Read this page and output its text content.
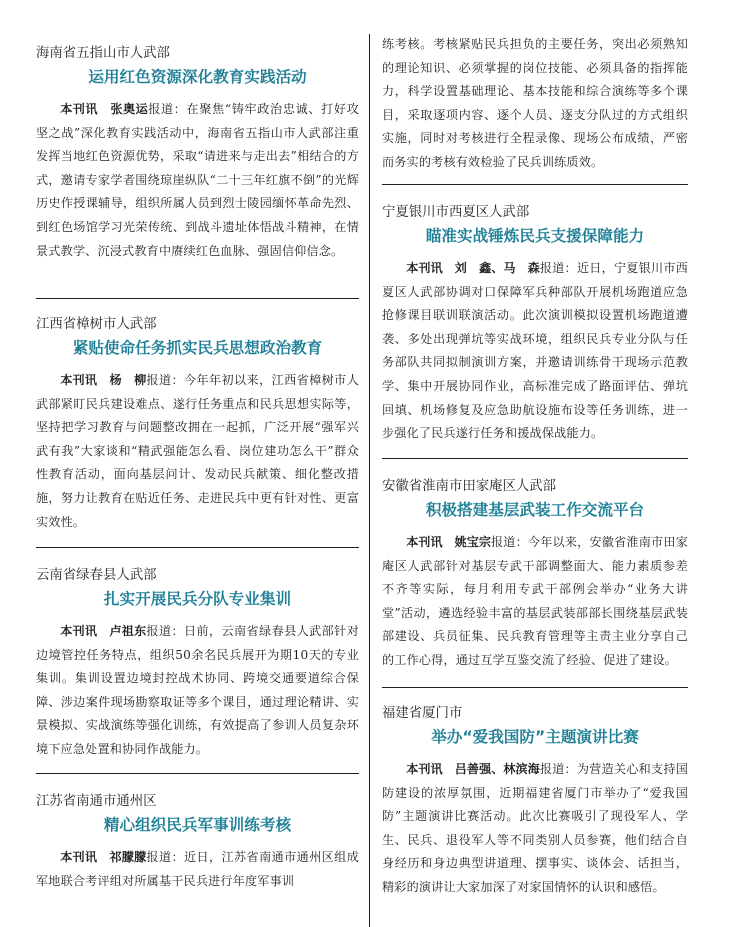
海南省五指山市人武部

运用红色资源深化教育实践活动

本刊讯　张奥运报道：在聚焦“铸牢政治忠诚、打好攻坚之战”深化教育实践活动中，海南省五指山市人武部注重发挥当地红色资源优势，采取“请进来与走出去”相结合的方式，邀请专家学者围绕琼崖纵队“二十三年红旗不倒”的光辉历史作授课辅导，组织所属人员到烈士陵园缅怀革命先烈、到红色场馆学习光荣传统、到战斗遗址体悟战斗精神，在情景式教学、沉浸式教育中赓续红色血脉、强固信仰信念。

江西省樟树市人武部

紧贴使命任务抓实民兵思想政治教育

本刊讯　杨　柳报道：今年年初以来，江西省樟树市人武部紧盯民兵建设难点、遂行任务重点和民兵思想实际等，坚持把学习教育与问题整改拥在一起抓，广泛开展“强军兴武有我”大家谈和“精武强能怎么看、岗位建功怎么干”群众性教育活动，面向基层问计、发动民兵献策、细化整改措施，努力让教育在贴近任务、走进民兵中更有针对性、更富实效性。

云南省绿春县人武部

扎实开展民兵分队专业集训

本刊讯　卢祖东报道：日前，云南省绿春县人武部针对边境管控任务特点，组织50余名民兵展开为期10天的专业集训。集训设置边境封控战术协同、跨境交通要道综合保障、涉边案件现场勘察取证等多个课目，通过理论精讲、实景模拟、实战演练等强化训练，有效提高了参训人员复杂环境下应急处置和协同作战能力。

江苏省南通市通州区

精心组织民兵军事训练考核

本刊讯　祁朦朦报道：近日，江苏省南通市通州区组成军地联合考评组对所属基干民兵进行年度军事训

练考核。考核紧贴民兵担负的主要任务，突出必须熟知的理论知识、必须掌握的岗位技能、必须具备的指挥能力，科学设置基础理论、基本技能和综合演练等多个课目，采取逐项内容、逐个人员、逐支分队过的方式组织实施，同时对考核进行全程录像、现场公布成绩，严密而务实的考核有效检验了民兵训练质效。

宁夏银川市西夏区人武部

瞄准实战锤炼民兵支援保障能力

本刊讯　刘　鑫、马　森报道：近日，宁夏银川市西夏区人武部协调对口保障军兵种部队开展机场跑道应急抢修课目联训联演活动。此次演训模拟设置机场跑道遭袭、多处出现弹坑等实战环境，组织民兵专业分队与任务部队共同拟制演训方案，并邀请训练骨干现场示范教学、集中开展协同作业，高标准完成了路面评估、弹坑回填、机场修复及应急助航设施布设等任务训练，进一步强化了民兵遂行任务和援战保战能力。

安徽省淮南市田家庵区人武部

积极搭建基层武装工作交流平台

本刊讯　姚宝宗报道：今年以来，安徽省淮南市田家庵区人武部针对基层专武干部调整面大、能力素质参差不齐等实际，每月利用专武干部例会举办“业务大讲堂”活动，遴选经验丰富的基层武装部部长围绕基层武装部建设、兵员征集、民兵教育管理等主责主业分享自己的工作心得，通过互学互鉴交流了经验、促进了建设。

福建省厦门市

举办“爱我国防”主题演讲比赛

本刊讯　吕善强、林滨海报道：为营造关心和支持国防建设的浓厚氛围，近期福建省厦门市举办了“爱我国防”主题演讲比赛活动。此次比赛吸引了现役军人、学生、民兵、退役军人等不同类别人员参赛，他们结合自身经历和身边典型讲道理、摆事实、谈体会、话担当，精彩的演讲让大家加深了对家国情怀的认识和感悟。
